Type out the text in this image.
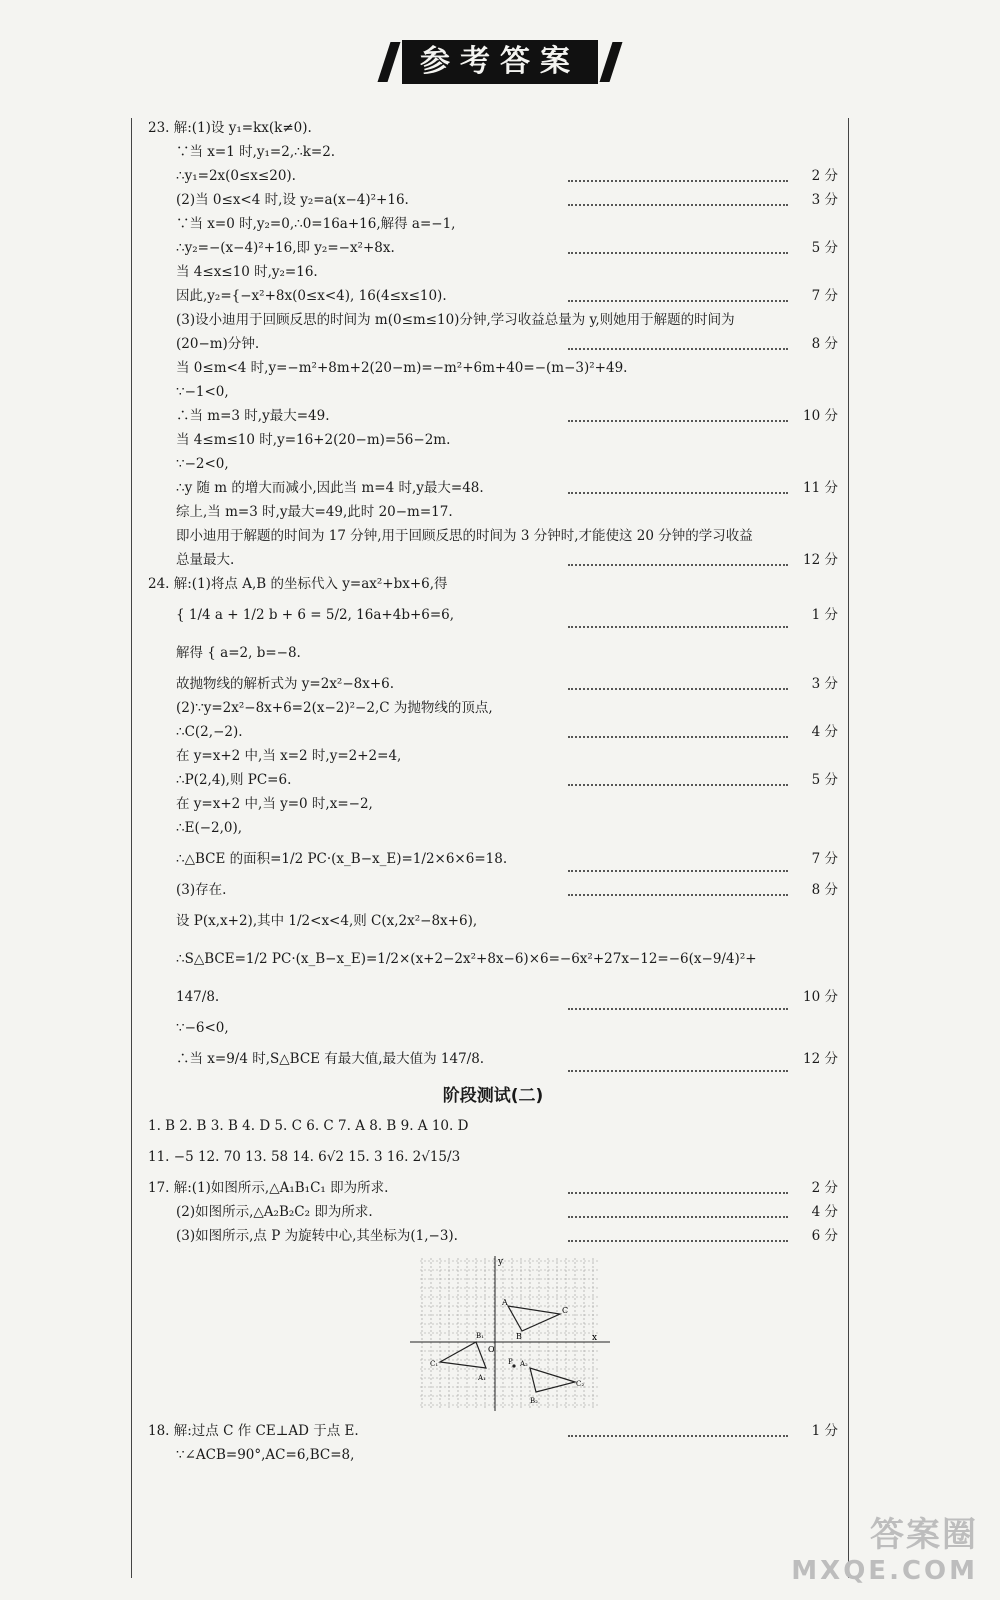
参考答案
23. 解:(1)设 y₁=kx(k≠0).
∵当 x=1 时,y₁=2,∴k=2.
∴y₁=2x(0≤x≤20).	2 分
(2)当 0≤x<4 时,设 y₂=a(x−4)²+16.	3 分
∵当 x=0 时,y₂=0,∴0=16a+16,解得 a=−1,
∴y₂=−(x−4)²+16,即 y₂=−x²+8x.	5 分
当 4≤x≤10 时,y₂=16.
因此,y₂={−x²+8x(0≤x<4), 16(4≤x≤10).	7 分
(3)设小迪用于回顾反思的时间为 m(0≤m≤10)分钟,学习收益总量为 y,则她用于解题的时间为
(20−m)分钟.	8 分
当 0≤m<4 时,y=−m²+8m+2(20−m)=−m²+6m+40=−(m−3)²+49.
∵−1<0,
∴当 m=3 时,y最大=49.	10 分
当 4≤m≤10 时,y=16+2(20−m)=56−2m.
∵−2<0,
∴y 随 m 的增大而减小,因此当 m=4 时,y最大=48.	11 分
综上,当 m=3 时,y最大=49,此时 20−m=17.
即小迪用于解题的时间为 17 分钟,用于回顾反思的时间为 3 分钟时,才能使这 20 分钟的学习收益
总量最大.	12 分
24. 解:(1)将点 A,B 的坐标代入 y=ax²+bx+6,得
{ 1/4 a + 1/2 b + 6 = 5/2, 16a+4b+6=6,	1 分
解得 { a=2, b=−8.
故抛物线的解析式为 y=2x²−8x+6.	3 分
(2)∵y=2x²−8x+6=2(x−2)²−2,C 为抛物线的顶点,
∴C(2,−2).	4 分
在 y=x+2 中,当 x=2 时,y=2+2=4,
∴P(2,4),则 PC=6.	5 分
在 y=x+2 中,当 y=0 时,x=−2,
∴E(−2,0),
∴△BCE 的面积=1/2 PC·(x_B−x_E)=1/2×6×6=18.	7 分
(3)存在.	8 分
设 P(x,x+2),其中 1/2<x<4,则 C(x,2x²−8x+6),
∴S△BCE=1/2 PC·(x_B−x_E)=1/2×(x+2−2x²+8x−6)×6=−6x²+27x−12=−6(x−9/4)²+
147/8.	10 分
∵−6<0,
∴当 x=9/4 时,S△BCE 有最大值,最大值为 147/8.	12 分
阶段测试(二)
1. B 2. B 3. B 4. D 5. C 6. C 7. A 8. B 9. A 10. D
11. −5 12. 70 13. 58 14. 6√2 15. 3 16. 2√15/3
17. 解:(1)如图所示,△A₁B₁C₁ 即为所求.	2 分
(2)如图所示,△A₂B₂C₂ 即为所求.	4 分
(3)如图所示,点 P 为旋转中心,其坐标为(1,−3).	6 分
x
y
O
A
B
C
A₂
B₂
C₂
A₁
B₁
C₁	P
18. 解:过点 C 作 CE⊥AD 于点 E.	1 分
∵∠ACB=90°,AC=6,BC=8,
答案圈
MXQE.COM
